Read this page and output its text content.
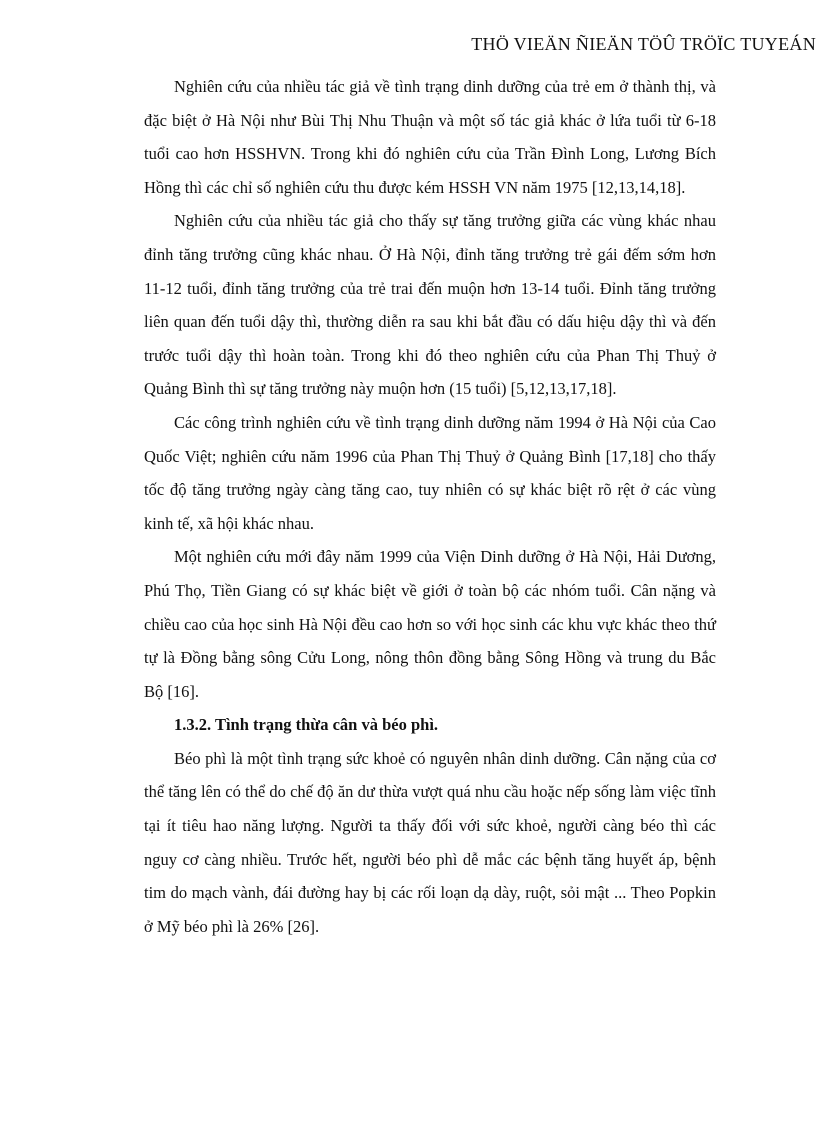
THÖ VIEÄN ÑIEÄN TÖÛ TRÖÏC TUYEÁN

Nghiên cứu của nhiều tác giả về tình trạng dinh dưỡng của trẻ em ở thành thị, và đặc biệt ở Hà Nội như Bùi Thị Nhu Thuận và một số tác giả khác ở lứa tuổi từ 6-18 tuổi cao hơn HSSHVN. Trong khi đó nghiên cứu của Trần Đình Long, Lương Bích Hồng thì các chỉ số nghiên cứu thu được kém HSSH VN năm 1975 [12,13,14,18].

Nghiên cứu của nhiều tác giả cho thấy sự tăng trưởng giữa các vùng khác nhau đỉnh tăng trưởng cũng khác nhau. Ở Hà Nội, đỉnh tăng trưởng trẻ gái đếm sớm hơn 11-12 tuổi, đỉnh tăng trưởng của trẻ trai đến muộn hơn 13-14 tuổi. Đỉnh tăng trưởng liên quan đến tuổi dậy thì, thường diễn ra sau khi bắt đầu có dấu hiệu dậy thì và đến trước tuổi dậy thì hoàn toàn. Trong khi đó theo nghiên cứu của Phan Thị Thuỷ ở Quảng Bình thì sự tăng trưởng này muộn hơn (15 tuổi) [5,12,13,17,18].

Các công trình nghiên cứu về tình trạng dinh dưỡng năm 1994 ở Hà Nội của Cao Quốc Việt; nghiên cứu năm 1996 của Phan Thị Thuỷ ở Quảng Bình [17,18] cho thấy tốc độ tăng trưởng ngày càng tăng cao, tuy nhiên có sự khác biệt rõ rệt ở các vùng kinh tế, xã hội khác nhau.

Một nghiên cứu mới đây năm 1999 của Viện Dinh dưỡng ở Hà Nội, Hải Dương, Phú Thọ, Tiền Giang có sự khác biệt về giới ở toàn bộ các nhóm tuổi. Cân nặng và chiều cao của học sinh Hà Nội đều cao hơn so với học sinh các khu vực khác theo thứ tự là Đồng bằng sông Cửu Long, nông thôn đồng bằng Sông Hồng và trung du Bắc Bộ [16].

1.3.2. Tình trạng thừa cân và béo phì.

Béo phì là một tình trạng sức khoẻ có nguyên nhân dinh dưỡng. Cân nặng của cơ thể tăng lên có thể do chế độ ăn dư thừa vượt quá nhu cầu hoặc nếp sống làm việc tĩnh tại ít tiêu hao năng lượng. Người ta thấy đối với sức khoẻ, người càng béo thì các nguy cơ càng nhiều. Trước hết, người béo phì dễ mắc các bệnh tăng huyết áp, bệnh tim do mạch vành, đái đường hay bị các rối loạn dạ dày, ruột, sỏi mật ... Theo Popkin ở Mỹ béo phì là 26% [26].
